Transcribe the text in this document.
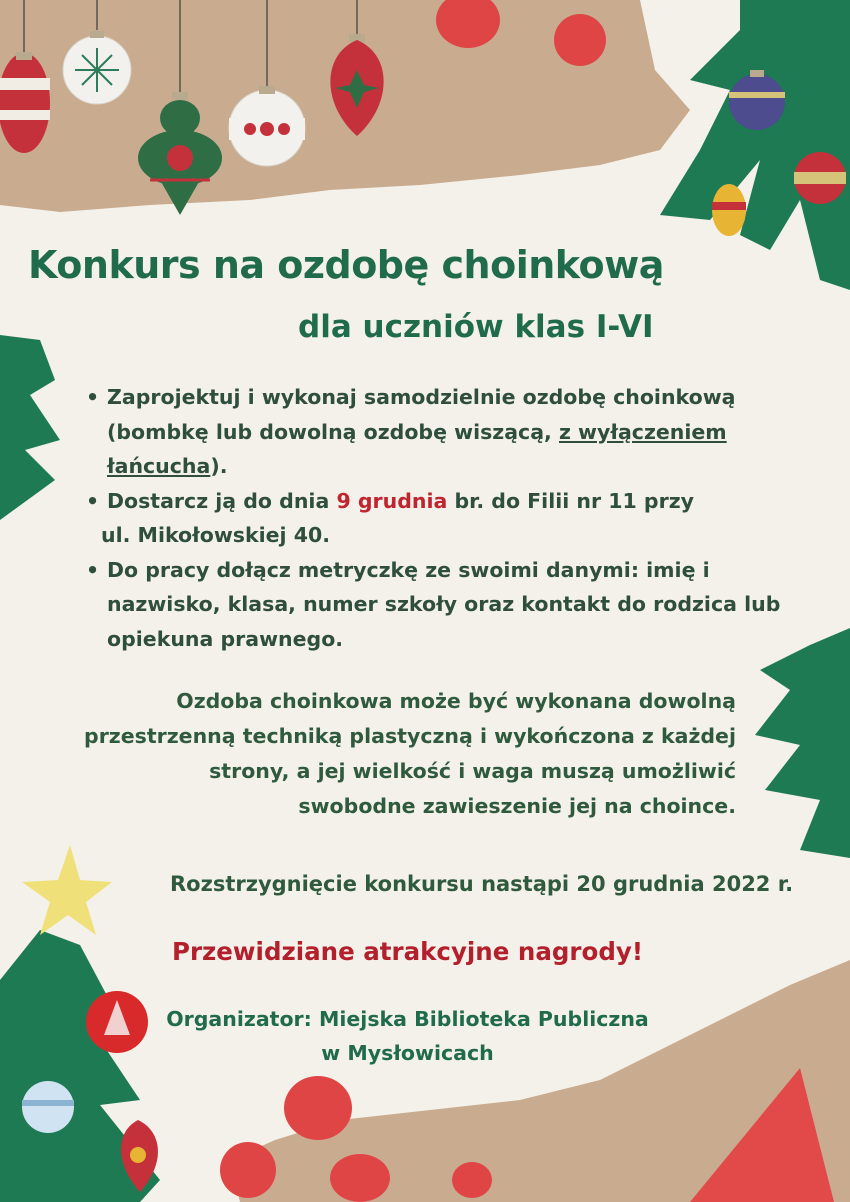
Konkurs na ozdobę choinkową
dla uczniów klas I-VI
• Zaprojektuj i wykonaj samodzielnie ozdobę choinkową (bombkę lub dowolną ozdobę wiszącą, z wyłączeniem łańcucha).
• Dostarcz ją do dnia 9 grudnia br. do Filii nr 11 przy
ul. Mikołowskiej 40.
• Do pracy dołącz metryczkę ze swoimi danymi: imię i nazwisko, klasa, numer szkoły oraz kontakt do rodzica lub opiekuna prawnego.

Ozdoba choinkowa może być wykonana dowolną
przestrzenną techniką plastyczną i wykończona z każdej
strony, a jej wielkość i waga muszą umożliwić
swobodne zawieszenie jej na choince.

Rozstrzygnięcie konkursu nastąpi 20 grudnia 2022 r.

Przewidziane atrakcyjne nagrody!

Organizator: Miejska Biblioteka Publiczna
w Mysłowicach
